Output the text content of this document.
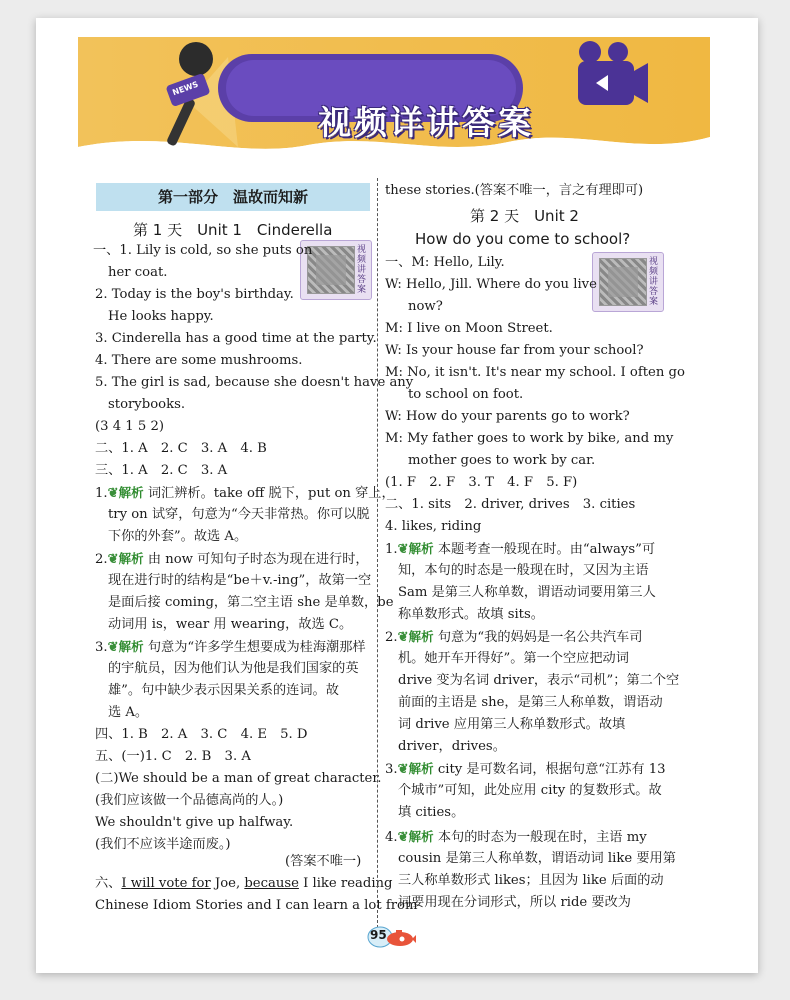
视频详讲答案
NEWS
第一部分　温故而知新
第 1 天　Unit 1　Cinderella
视频讲答案
一、1. Lily is cold, so she puts on
her coat.
2. Today is the boy's birthday.
He looks happy.
3. Cinderella has a good time at the party.
4. There are some mushrooms.
5. The girl is sad, because she doesn't have any
storybooks.
(3 4 1 5 2)
二、1. A　2. C　3. A　4. B
三、1. A　2. C　3. A
1.❦解析 词汇辨析。take off 脱下，put on 穿上，
try on 试穿，句意为“今天非常热。你可以脱
下你的外套”。故选 A。
2.❦解析 由 now 可知句子时态为现在进行时，
现在进行时的结构是“be＋v.-ing”，故第一空
是面后接 coming，第二空主语 she 是单数，be
动词用 is，wear 用 wearing，故选 C。
3.❦解析 句意为“许多学生想要成为桂海潮那样
的宇航员，因为他们认为他是我们国家的英
雄”。句中缺少表示因果关系的连词。故
选 A。
四、1. B　2. A　3. C　4. E　5. D
五、(一)1. C　2. B　3. A
(二)We should be a man of great character.
(我们应该做一个品德高尚的人。)
We shouldn't give up halfway.
(我们不应该半途而废。)
(答案不唯一)
六、I will vote for Joe, because I like reading
Chinese Idiom Stories and I can learn a lot from
these stories.(答案不唯一，言之有理即可)
第 2 天　Unit 2
How do you come to school?
视频讲答案
一、M: Hello, Lily.
W: Hello, Jill. Where do you live
now?
M: I live on Moon Street.
W: Is your house far from your school?
M: No, it isn't. It's near my school. I often go
to school on foot.
W: How do your parents go to work?
M: My father goes to work by bike, and my
mother goes to work by car.
(1. F　2. F　3. T　4. F　5. F)
二、1. sits　2. driver, drives　3. cities
4. likes, riding
1.❦解析 本题考查一般现在时。由“always”可
知，本句的时态是一般现在时，又因为主语
Sam 是第三人称单数，谓语动词要用第三人
称单数形式。故填 sits。
2.❦解析 句意为“我的妈妈是一名公共汽车司
机。她开车开得好”。第一个空应把动词
drive 变为名词 driver，表示“司机”；第二个空
前面的主语是 she，是第三人称单数，谓语动
词 drive 应用第三人称单数形式。故填
driver，drives。
3.❦解析 city 是可数名词，根据句意“江苏有 13
个城市”可知，此处应用 city 的复数形式。故
填 cities。
4.❦解析 本句的时态为一般现在时，主语 my
cousin 是第三人称单数，谓语动词 like 要用第
三人称单数形式 likes；且因为 like 后面的动
词要用现在分词形式，所以 ride 要改为
95
